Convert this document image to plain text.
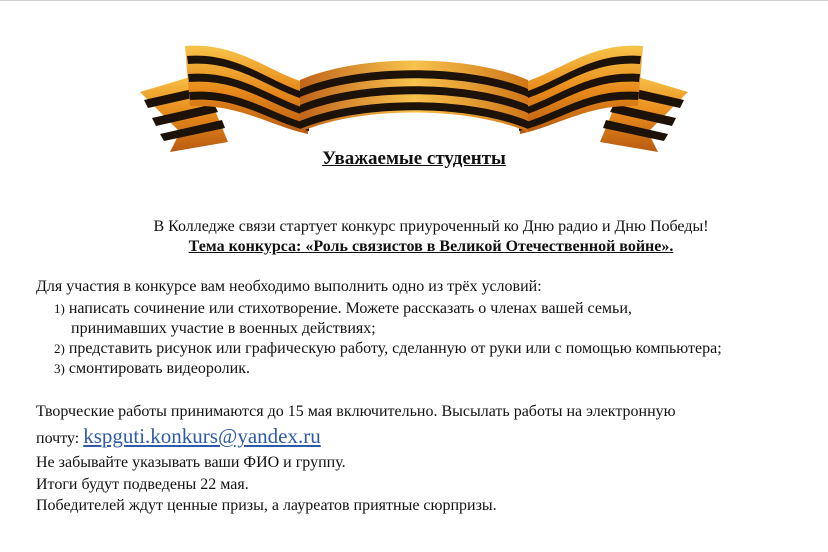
Уважаемые студенты
В Колледже связи стартует конкурс приуроченный ко Дню радио и Дню Победы!
Тема конкурса: «Роль связистов в Великой Отечественной войне».
Для участия в конкурсе вам необходимо выполнить одно из трёх условий:
1) написать сочинение или стихотворение. Можете рассказать о членах вашей семьи,
принимавших участие в военных действиях;
2) представить рисунок или графическую работу, сделанную от руки или с помощью компьютера;
3) смонтировать видеоролик.
Творческие работы принимаются до 15 мая включительно. Высылать работы на электронную
почту: kspguti.konkurs@yandex.ru
Не забывайте указывать ваши ФИО и группу.
Итоги будут подведены 22 мая.
Победителей ждут ценные призы, а лауреатов приятные сюрпризы.
